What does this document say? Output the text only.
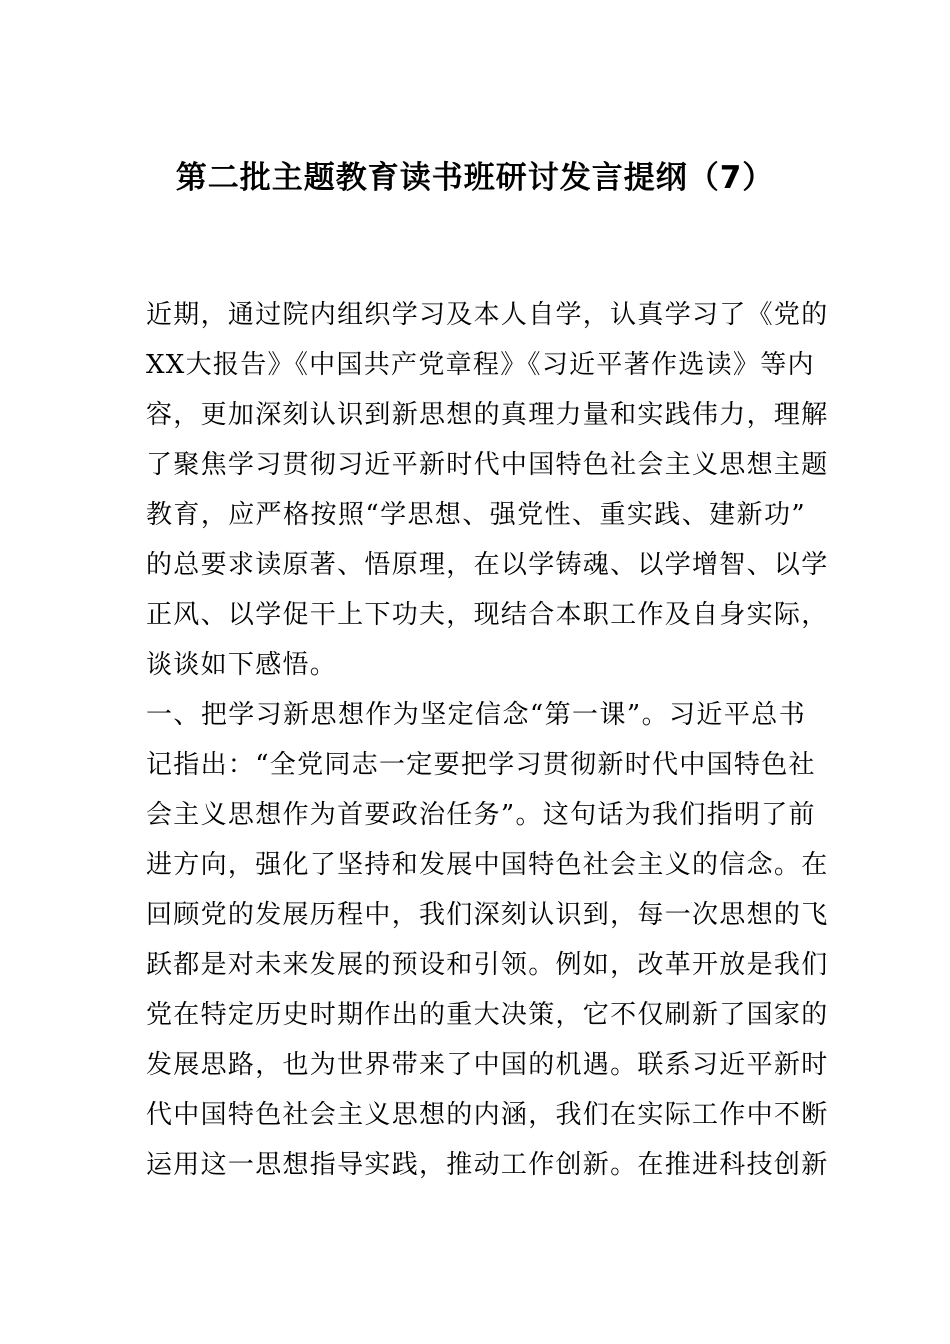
第二批主题教育读书班研讨发言提纲（7）
近期，通过院内组织学习及本人自学，认真学习了《党的
XX大报告》《中国共产党章程》《习近平著作选读》等内
容，更加深刻认识到新思想的真理力量和实践伟力，理解
了聚焦学习贯彻习近平新时代中国特色社会主义思想主题
教育，应严格按照“学思想、强党性、重实践、建新功”
的总要求读原著、悟原理，在以学铸魂、以学增智、以学
正风、以学促干上下功夫，现结合本职工作及自身实际，
谈谈如下感悟。
一、把学习新思想作为坚定信念“第一课”。习近平总书
记指出：“全党同志一定要把学习贯彻新时代中国特色社
会主义思想作为首要政治任务”。这句话为我们指明了前
进方向，强化了坚持和发展中国特色社会主义的信念。在
回顾党的发展历程中，我们深刻认识到，每一次思想的飞
跃都是对未来发展的预设和引领。例如，改革开放是我们
党在特定历史时期作出的重大决策，它不仅刷新了国家的
发展思路，也为世界带来了中国的机遇。联系习近平新时
代中国特色社会主义思想的内涵，我们在实际工作中不断
运用这一思想指导实践，推动工作创新。在推进科技创新
